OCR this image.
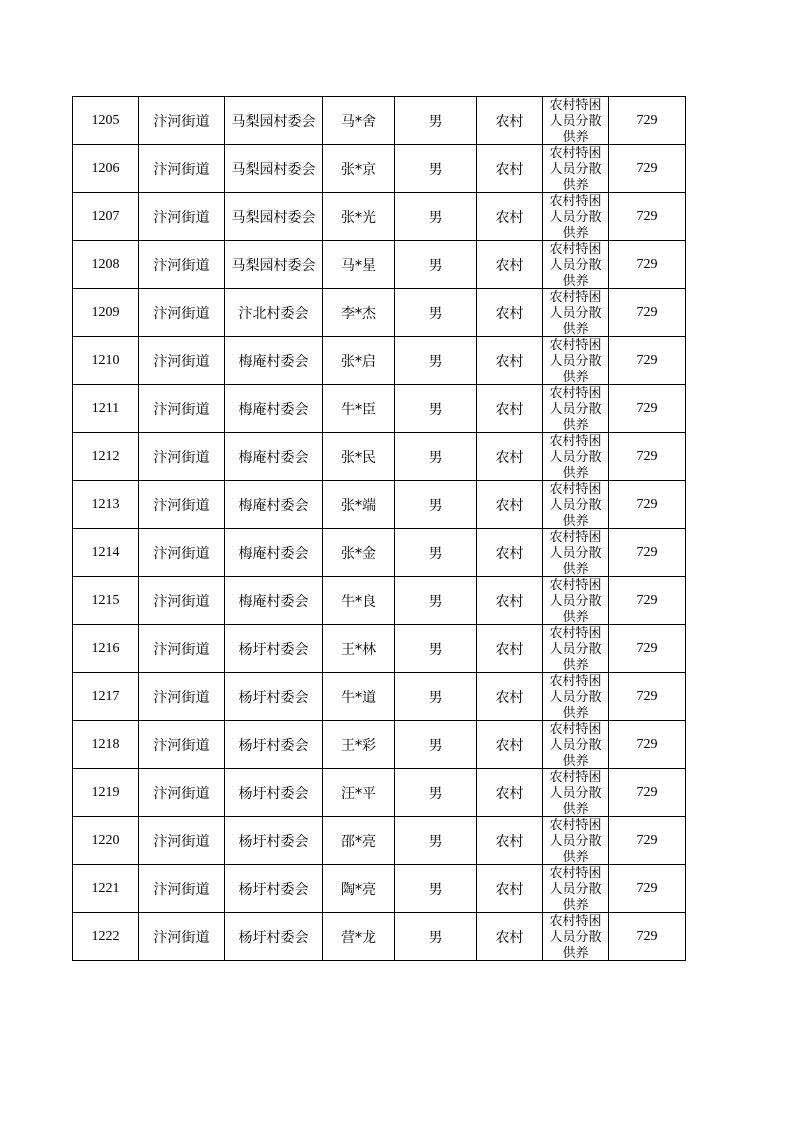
1205	汴河街道	马梨园村委会	马*舍	男	农村	农村特困人员分散供养	729
1206	汴河街道	马梨园村委会	张*京	男	农村	农村特困人员分散供养	729
1207	汴河街道	马梨园村委会	张*光	男	农村	农村特困人员分散供养	729
1208	汴河街道	马梨园村委会	马*星	男	农村	农村特困人员分散供养	729
1209	汴河街道	汴北村委会	李*杰	男	农村	农村特困人员分散供养	729
1210	汴河街道	梅庵村委会	张*启	男	农村	农村特困人员分散供养	729
1211	汴河街道	梅庵村委会	牛*臣	男	农村	农村特困人员分散供养	729
1212	汴河街道	梅庵村委会	张*民	男	农村	农村特困人员分散供养	729
1213	汴河街道	梅庵村委会	张*端	男	农村	农村特困人员分散供养	729
1214	汴河街道	梅庵村委会	张*金	男	农村	农村特困人员分散供养	729
1215	汴河街道	梅庵村委会	牛*良	男	农村	农村特困人员分散供养	729
1216	汴河街道	杨圩村委会	王*林	男	农村	农村特困人员分散供养	729
1217	汴河街道	杨圩村委会	牛*道	男	农村	农村特困人员分散供养	729
1218	汴河街道	杨圩村委会	王*彩	男	农村	农村特困人员分散供养	729
1219	汴河街道	杨圩村委会	汪*平	男	农村	农村特困人员分散供养	729
1220	汴河街道	杨圩村委会	邵*亮	男	农村	农村特困人员分散供养	729
1221	汴河街道	杨圩村委会	陶*亮	男	农村	农村特困人员分散供养	729
1222	汴河街道	杨圩村委会	营*龙	男	农村	农村特困人员分散供养	729
